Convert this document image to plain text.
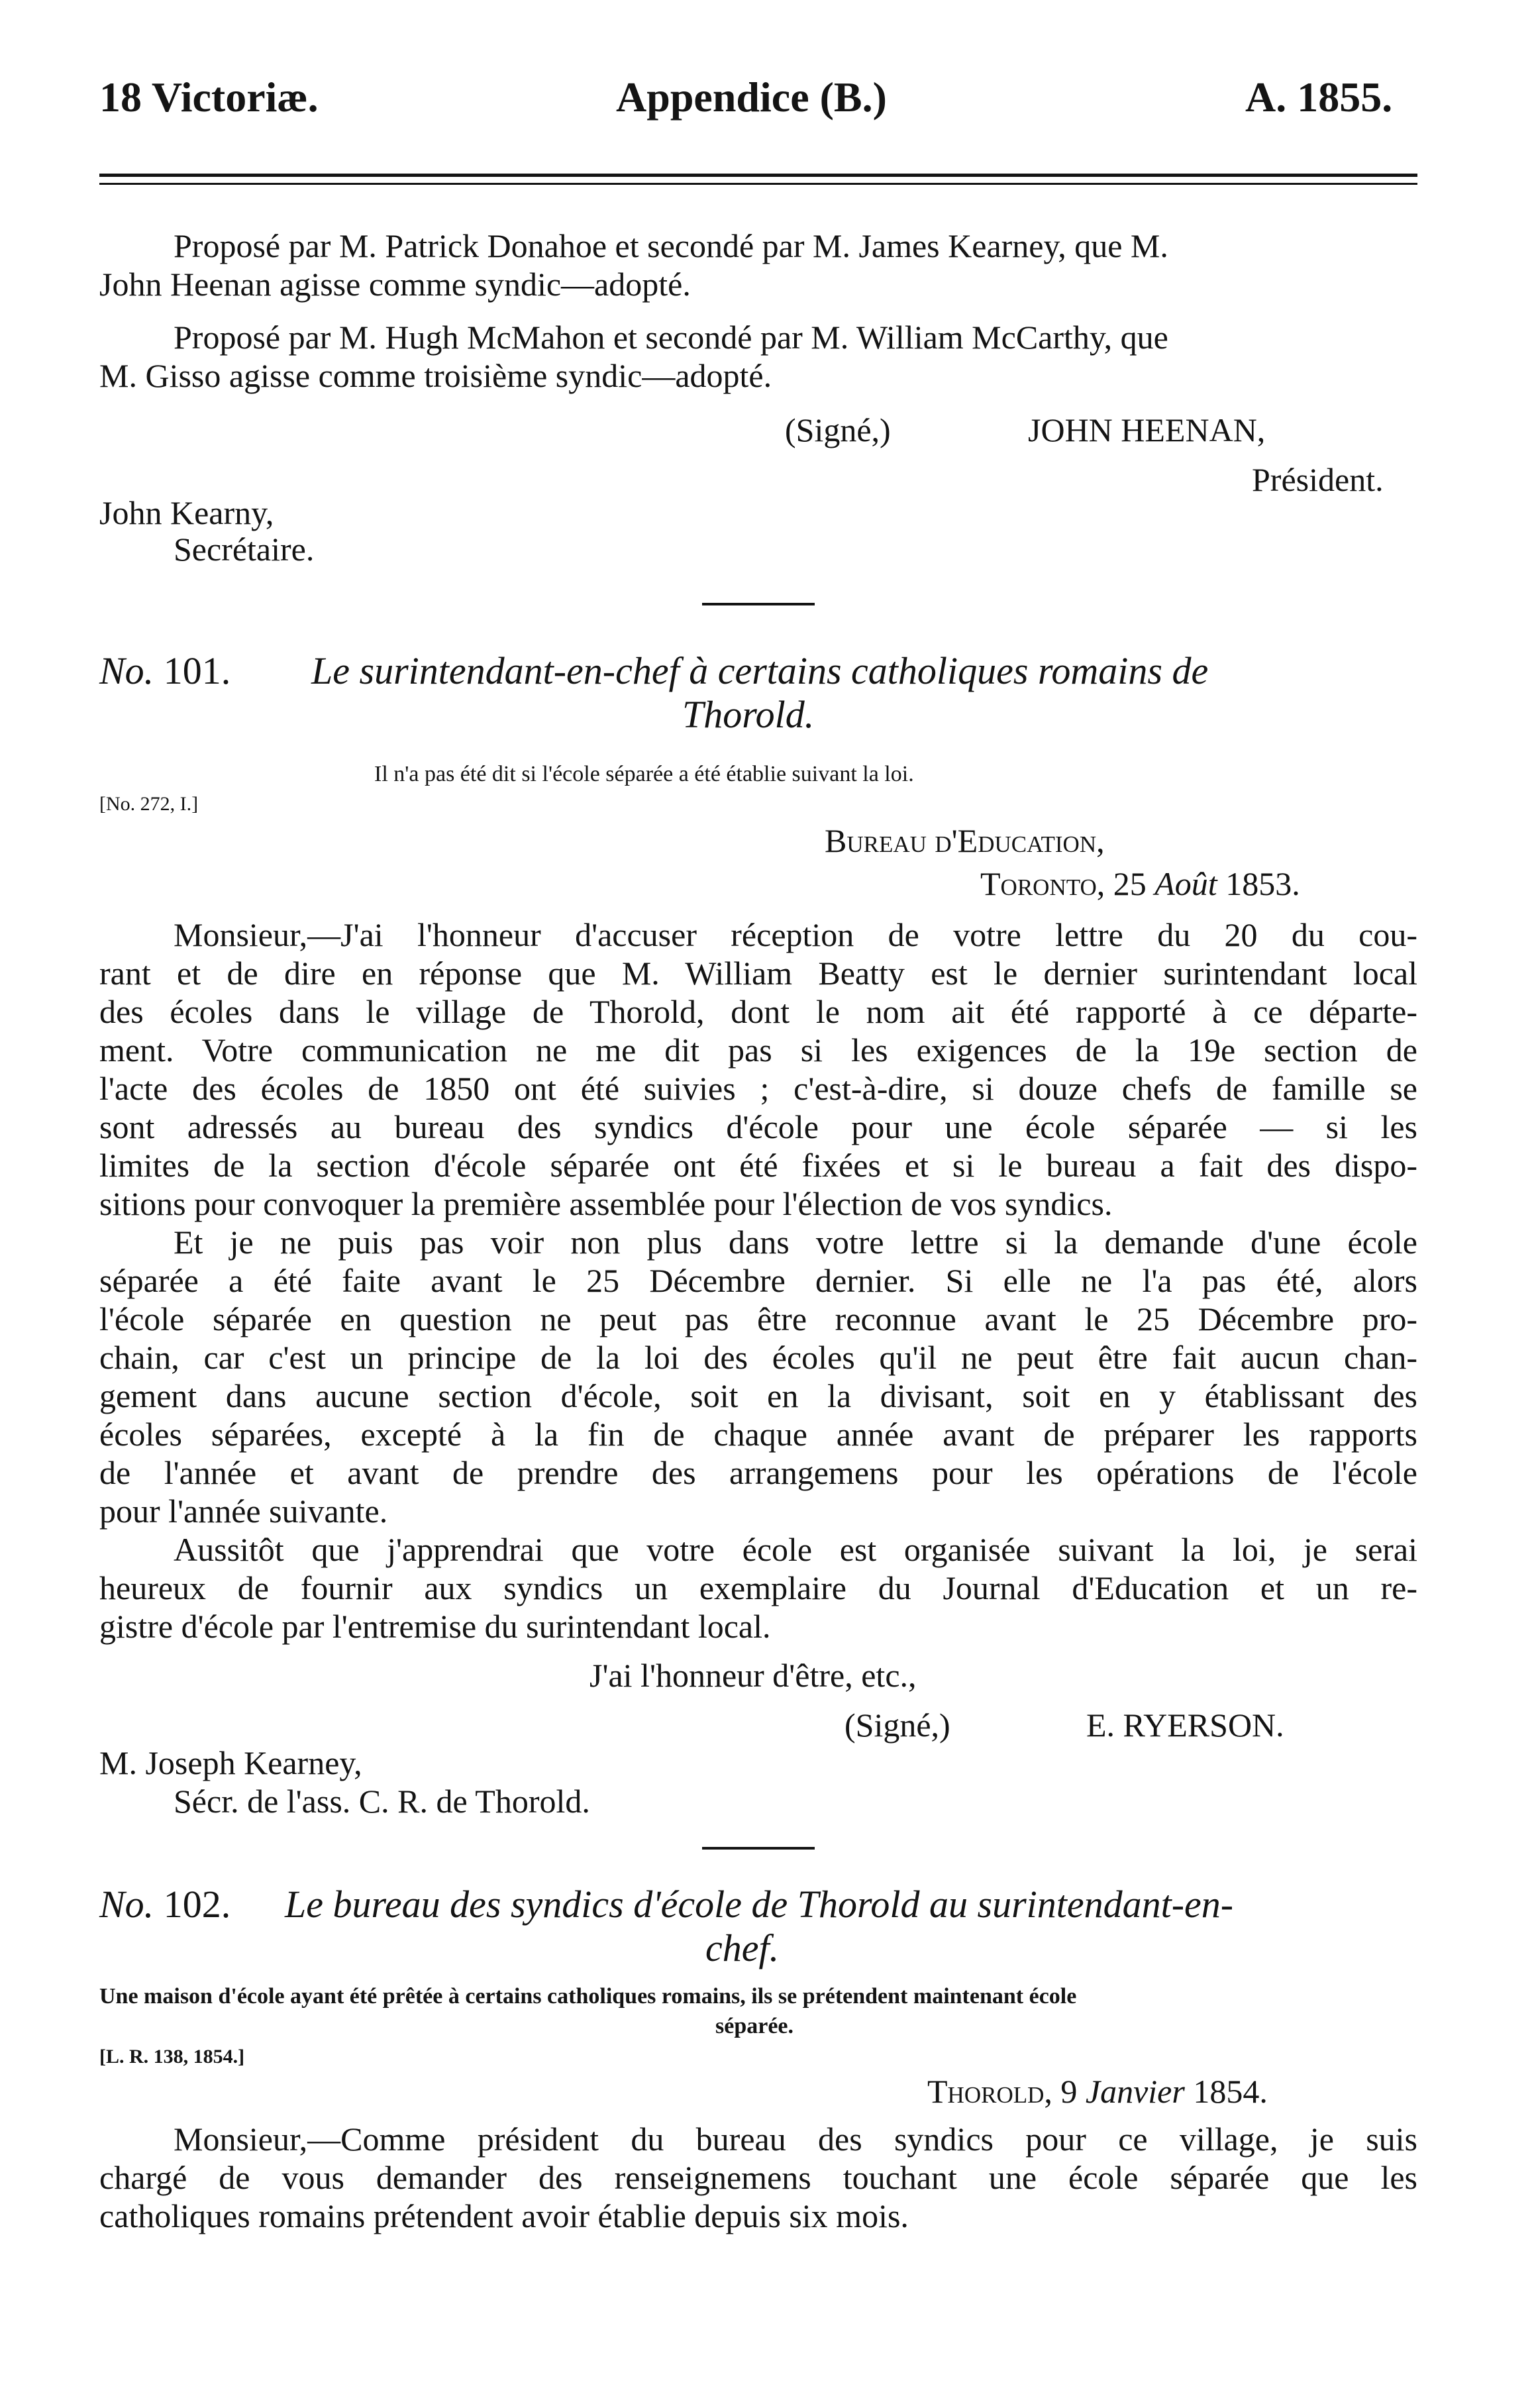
18 Victoriæ.	Appendice (B.)	A. 1855.

Proposé par M. Patrick Donahoe et secondé par M. James Kearney, que M.

John Heenan agisse comme syndic—adopté.

Proposé par M. Hugh McMahon et secondé par M. William McCarthy, que

M. Gisso agisse comme troisième syndic—adopté.

(Signé,)	JOHN HEENAN,

Président.

John Kearny,

Secrétaire.

No. 101. Le surintendant-en-chef à certains catholiques romains de

Thorold.

Il n'a pas été dit si l'école séparée a été établie suivant la loi.

[No. 272, I.]

Bureau d'Education,

Toronto, 25 Août 1853.

Monsieur,—J'ai l'honneur d'accuser réception de votre lettre du 20 du cou-
rant et de dire en réponse que M. William Beatty est le dernier surintendant local
des écoles dans le village de Thorold, dont le nom ait été rapporté à ce départe-
ment. Votre communication ne me dit pas si les exigences de la 19e section de
l'acte des écoles de 1850 ont été suivies ; c'est-à-dire, si douze chefs de famille se
sont adressés au bureau des syndics d'école pour une école séparée — si les
limites de la section d'école séparée ont été fixées et si le bureau a fait des dispo-
sitions pour convoquer la première assemblée pour l'élection de vos syndics.
Et je ne puis pas voir non plus dans votre lettre si la demande d'une école
séparée a été faite avant le 25 Décembre dernier. Si elle ne l'a pas été, alors
l'école séparée en question ne peut pas être reconnue avant le 25 Décembre pro-
chain, car c'est un principe de la loi des écoles qu'il ne peut être fait aucun chan-
gement dans aucune section d'école, soit en la divisant, soit en y établissant des
écoles séparées, excepté à la fin de chaque année avant de préparer les rapports
de l'année et avant de prendre des arrangemens pour les opérations de l'école
pour l'année suivante.
Aussitôt que j'apprendrai que votre école est organisée suivant la loi, je serai
heureux de fournir aux syndics un exemplaire du Journal d'Education et un re-
gistre d'école par l'entremise du surintendant local.

J'ai l'honneur d'être, etc.,

(Signé,)	E. RYERSON.

M. Joseph Kearney,

Sécr. de l'ass. C. R. de Thorold.

No. 102. Le bureau des syndics d'école de Thorold au surintendant-en-

chef.

Une maison d'école ayant été prêtée à certains catholiques romains, ils se prétendent maintenant école

séparée.

[L. R. 138, 1854.]

Thorold, 9 Janvier 1854.

Monsieur,—Comme président du bureau des syndics pour ce village, je suis
chargé de vous demander des renseignemens touchant une école séparée que les
catholiques romains prétendent avoir établie depuis six mois.
